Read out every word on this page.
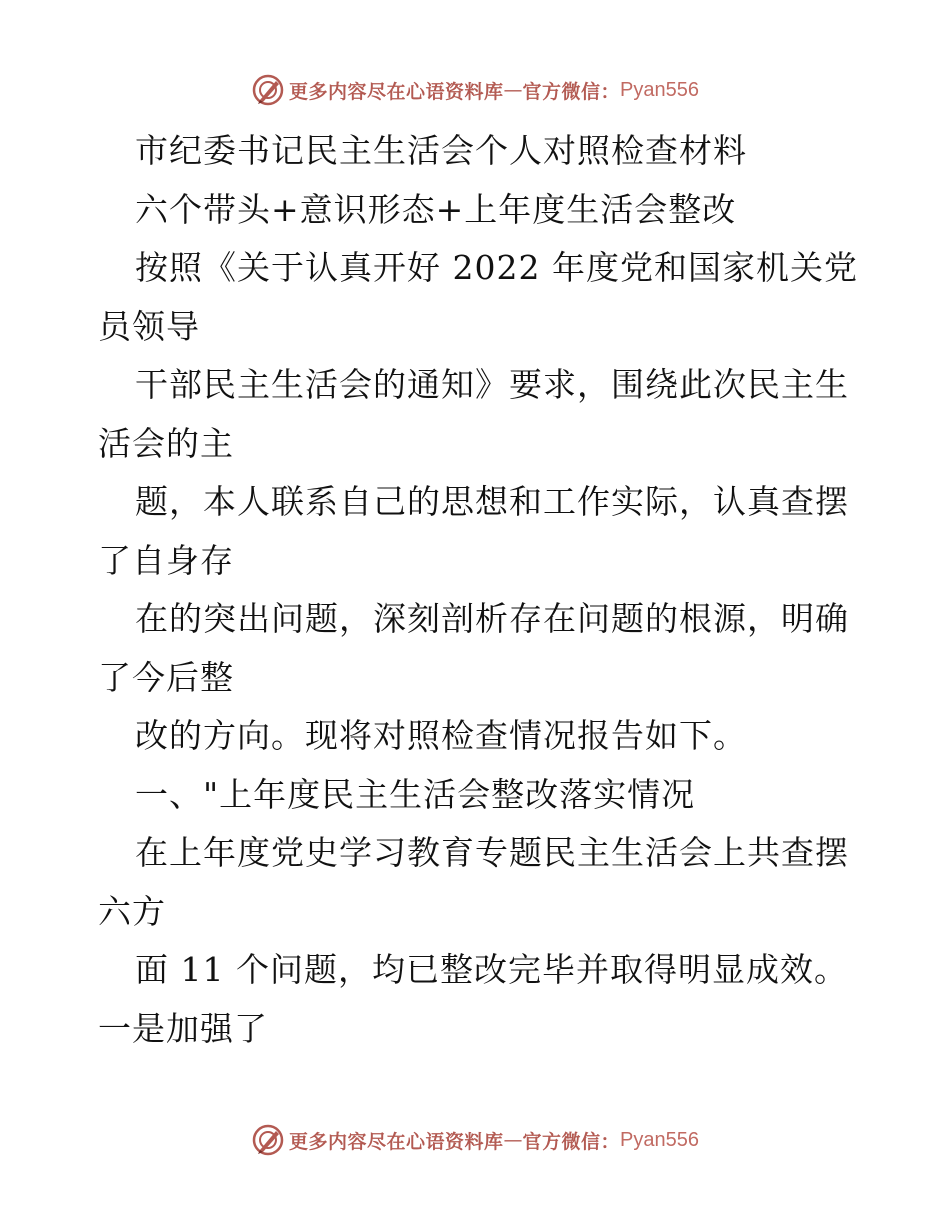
更多内容尽在心语资料库 — 官方微信： Pyan556
市纪委书记民主生活会个人对照检查材料
六个带头+意识形态+上年度生活会整改
按照《关于认真开好 2022 年度党和国家机关党
员领导
干部民主生活会的通知》要求，围绕此次民主生
活会的主
题，本人联系自己的思想和工作实际，认真查摆
了自身存
在的突出问题，深刻剖析存在问题的根源，明确
了今后整
改的方向。现将对照检查情况报告如下。
一、"上年度民主生活会整改落实情况
在上年度党史学习教育专题民主生活会上共查摆
六方
面 11 个问题，均已整改完毕并取得明显成效。
一是加强了
更多内容尽在心语资料库 — 官方微信： Pyan556
